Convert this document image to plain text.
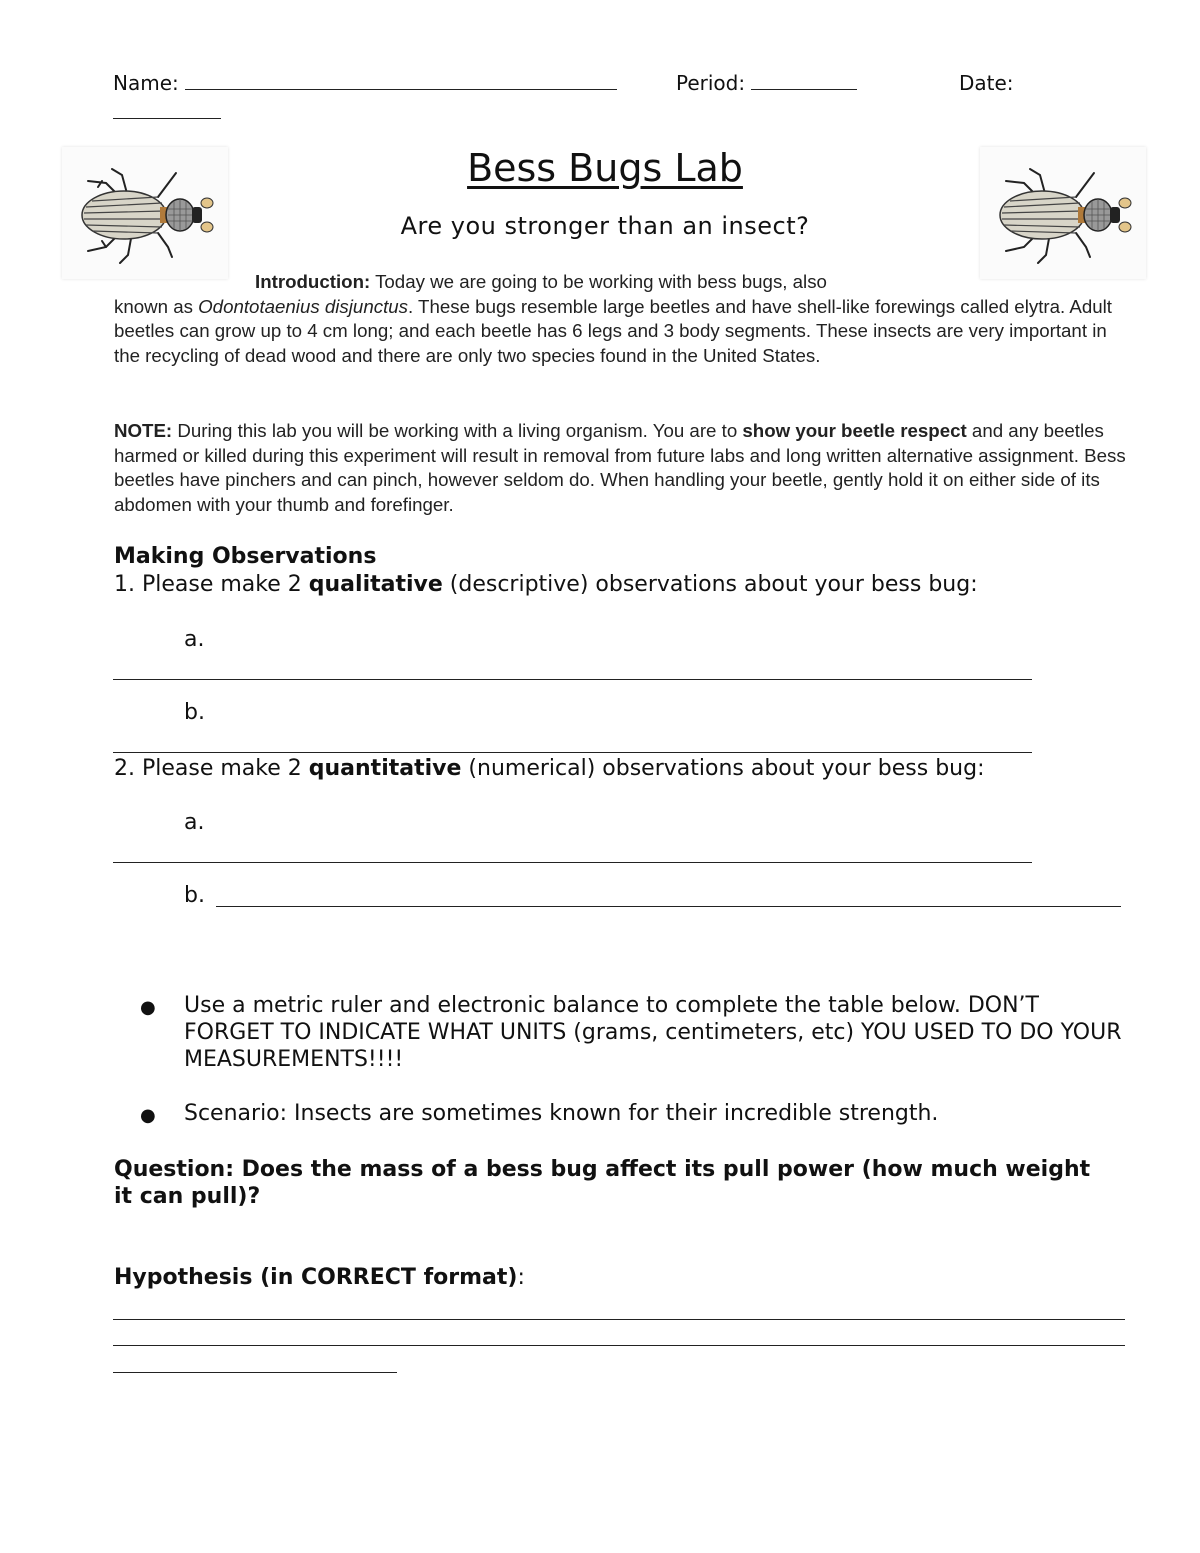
Name:	Period:	Date:
Bess Bugs Lab
Are you stronger than an insect?
Introduction: Today we are going to be working with bess bugs, also
known as Odontotaenius disjunctus. These bugs resemble large beetles and have shell-like forewings called elytra. Adult beetles can grow up to 4 cm long; and each beetle has 6 legs and 3 body segments. These insects are very important in the recycling of dead wood and there are only two species found in the United States.
NOTE: During this lab you will be working with a living organism. You are to show your beetle respect and any beetles harmed or killed during this experiment will result in removal from future labs and long written alternative assignment. Bess beetles have pinchers and can pinch, however seldom do. When handling your beetle, gently hold it on either side of its abdomen with your thumb and forefinger.
Making Observations
1. Please make 2 qualitative (descriptive) observations about your bess bug:
a.
b.
2. Please make 2 quantitative (numerical) observations about your bess bug:
a.
b.
●	Use a metric ruler and electronic balance to complete the table below. DON’T FORGET TO INDICATE WHAT UNITS (grams, centimeters, etc) YOU USED TO DO YOUR MEASUREMENTS!!!!
●	Scenario: Insects are sometimes known for their incredible strength.
Question: Does the mass of a bess bug affect its pull power (how much weight it can pull)?
Hypothesis (in CORRECT format):
